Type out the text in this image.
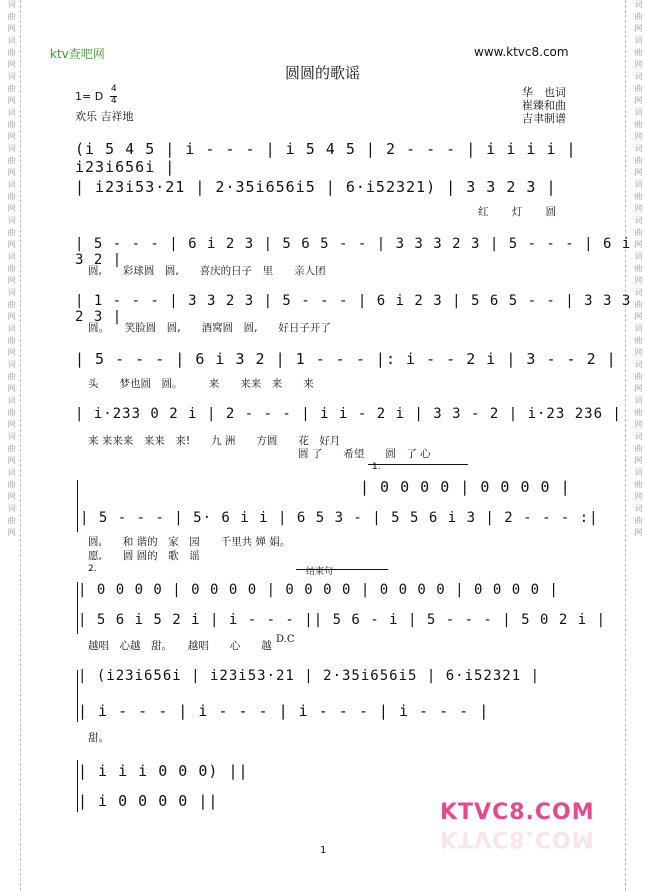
词曲网词曲网词曲网词曲网词曲网词曲网词曲网词曲网词曲网词曲网词曲网词曲网词曲网词曲网词曲网	词曲网词曲网词曲网词曲网词曲网词曲网词曲网词曲网词曲网词曲网词曲网词曲网词曲网词曲网词曲网
ktv查吧网	www.ktvc8.com
圆圆的歌谣
1= D
4
4
欢乐 吉祥地
华　也词
崔臻和曲
吉聿制谱
(i 5 4 5 | i - - - | i 5 4 5 | 2 - - - | i i i i | i23i656i |
| i23i53·21 | 2·35i656i5 | 6·i52321) | 3 3 2 3 |
红 灯 圆
| 5 - - - | 6 i 2 3 | 5 6 5 - - | 3 3 3 2 3 | 5 - - - | 6 i 3 2 |
圆,　　彩球圆　圆,　　喜庆的日子　里　　亲人团
| 1 - - - | 3 3 2 3 | 5 - - - | 6 i 2 3 | 5 6 5 - - | 3 3 3 2 3 |
圆。　　笑脸圆　圆,　　酒窝圆　圆,　　好日子开了
| 5 - - - | 6 i 3 2 | 1 - - - |: i - - 2 i | 3 - - 2 |
头　　梦也圆　圆。　　　来　　来来　来　　来
| i·233 0 2 i | 2 - - - | i i - 2 i | 3 3 - 2 | i·23 236 |
来 来来来　来来　来!　　九 洲　　方圆　　花　好月
圆 了　　希望　　圆　了 心
1.
| 0 0 0 0 | 0 0 0 0 |
| 5 - - - | 5· 6 i i | 6 5 3 - | 5 5 6 i 3 | 2 - - - :|
圆,　　和 谐的　家　园　　千里共 婵 娟。
愿,　　圆 圆的　歌　谣
2.	结束句
| 0 0 0 0 | 0 0 0 0 | 0 0 0 0 | 0 0 0 0 | 0 0 0 0 |
| 5 6 i 5 2 i | i - - - || 5 6 - i | 5 - - - | 5 0 2 i |
越唱　心越　甜。　　越唱　　心　　越
D.C
| (i23i656i | i23i53·21 | 2·35i656i5 | 6·i52321 |
| i - - - | i - - - | i - - - | i - - - |
甜。
| i i i 0 0 0) ||
| i 0 0 0 0 ||	KTVC8.COM
KTVC8.COM
1
